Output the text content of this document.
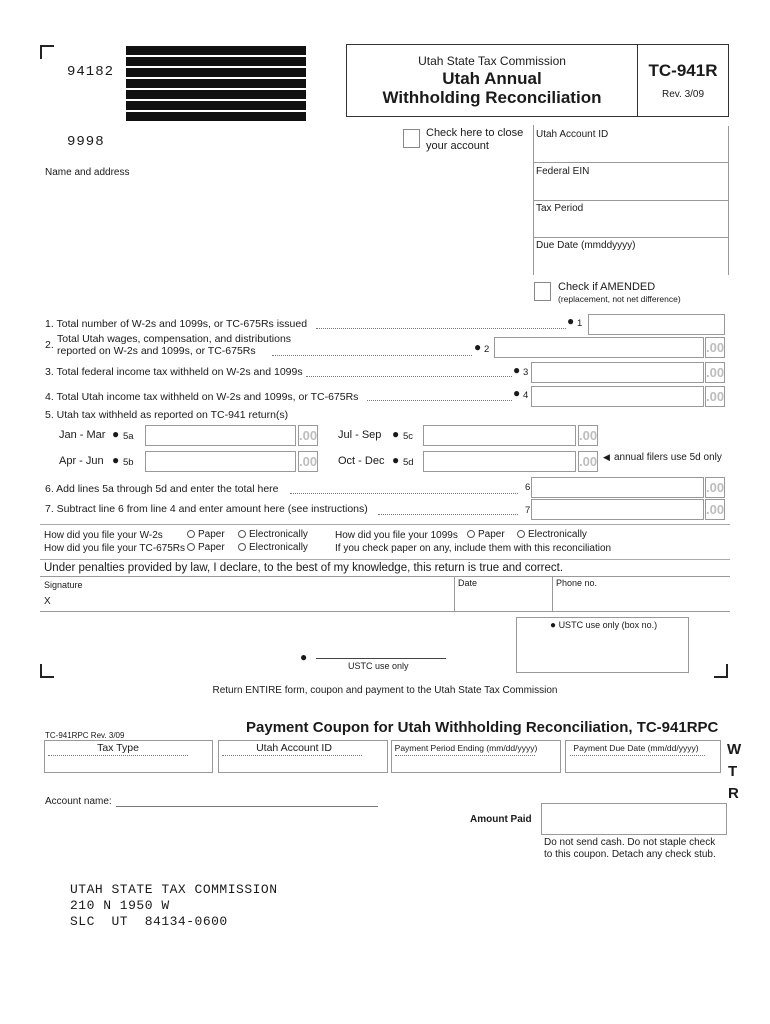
94182
9998
Utah State Tax Commission
Utah Annual
Withholding Reconciliation
TC-941R
Rev. 3/09
Check here to close your account
Utah Account ID
Federal EIN
Tax Period
Due Date (mmddyyyy)
Name and address
Check if AMENDED
(replacement, not net difference)
1. Total number of W-2s and 1099s, or TC-675Rs issued	● 1
2. Total Utah wages, compensation, and distributions
reported on W-2s and 1099s, or TC-675Rs	● 2	.00
3. Total federal income tax withheld on W-2s and 1099s	● 3	.00
4. Total Utah income tax withheld on W-2s and 1099s, or TC-675Rs	● 4	.00
5. Utah tax withheld as reported on TC-941 return(s)
Jan - Mar ● 5a	.00 Jul - Sep ● 5c	.00
Apr - Jun ● 5b	.00 Oct - Dec ● 5d	.00 ◀ annual filers use 5d only
6. Add lines 5a through 5d and enter the total here	6	.00
7. Subtract line 6 from line 4 and enter amount here (see instructions)	7	.00
How did you file your W-2s	Paper	Electronically
How did you file your TC-675Rs	Paper	Electronically
How did you file your 1099s	Paper	Electronically
If you check paper on any, include them with this reconciliation
Under penalties provided by law, I declare, to the best of my knowledge, this return is true and correct.
Signature
X
Date	Phone no.
● USTC use only (box no.)
●
USTC use only
Return ENTIRE form, coupon and payment to the Utah State Tax Commission
TC-941RPC Rev. 3/09	Payment Coupon for Utah Withholding Reconciliation, TC-941RPC
Tax Type	Utah Account ID	Payment Period Ending (mm/dd/yyyy)	Payment Due Date (mm/dd/yyyy)	W
T
R
Account name:
Amount Paid
Do not send cash. Do not staple check
to this coupon. Detach any check stub.
UTAH STATE TAX COMMISSION
210 N 1950 W
SLC  UT  84134-0600
